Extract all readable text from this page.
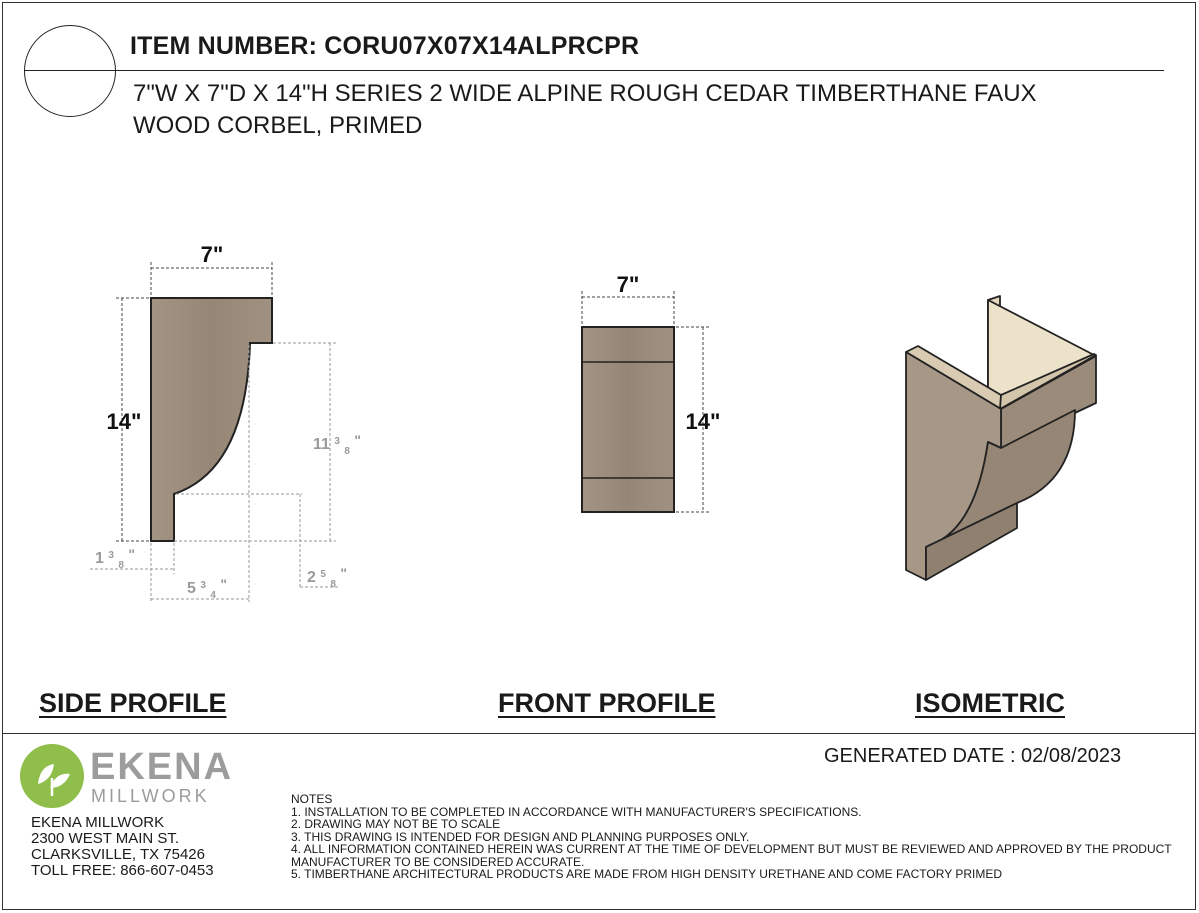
ITEM NUMBER: CORU07X07X14ALPRCPR
7"W X 7"D X 14"H SERIES 2 WIDE ALPINE ROUGH CEDAR TIMBERTHANE FAUX WOOD CORBEL, PRIMED
7"
14"
11 $^3$ $_8$ "
1 $^3$ $_8$ "
5 $^3$ $_4$ "	2 $^5$ $_8$ "
7"
14"
SIDE PROFILE	FRONT PROFILE	ISOMETRIC
EKENA
MILLWORK
EKENA MILLWORK
2300 WEST MAIN ST.
CLARKSVILLE, TX 75426
TOLL FREE: 866-607-0453
GENERATED DATE : 02/08/2023
NOTES
1. INSTALLATION TO BE COMPLETED IN ACCORDANCE WITH MANUFACTURER'S SPECIFICATIONS.
2. DRAWING MAY NOT BE TO SCALE
3. THIS DRAWING IS INTENDED FOR DESIGN AND PLANNING PURPOSES ONLY.
4. ALL INFORMATION CONTAINED HEREIN WAS CURRENT AT THE TIME OF DEVELOPMENT BUT MUST BE REVIEWED AND APPROVED BY THE PRODUCT MANUFACTURER TO BE CONSIDERED ACCURATE.
5. TIMBERTHANE ARCHITECTURAL PRODUCTS ARE MADE FROM HIGH DENSITY URETHANE AND COME FACTORY PRIMED
